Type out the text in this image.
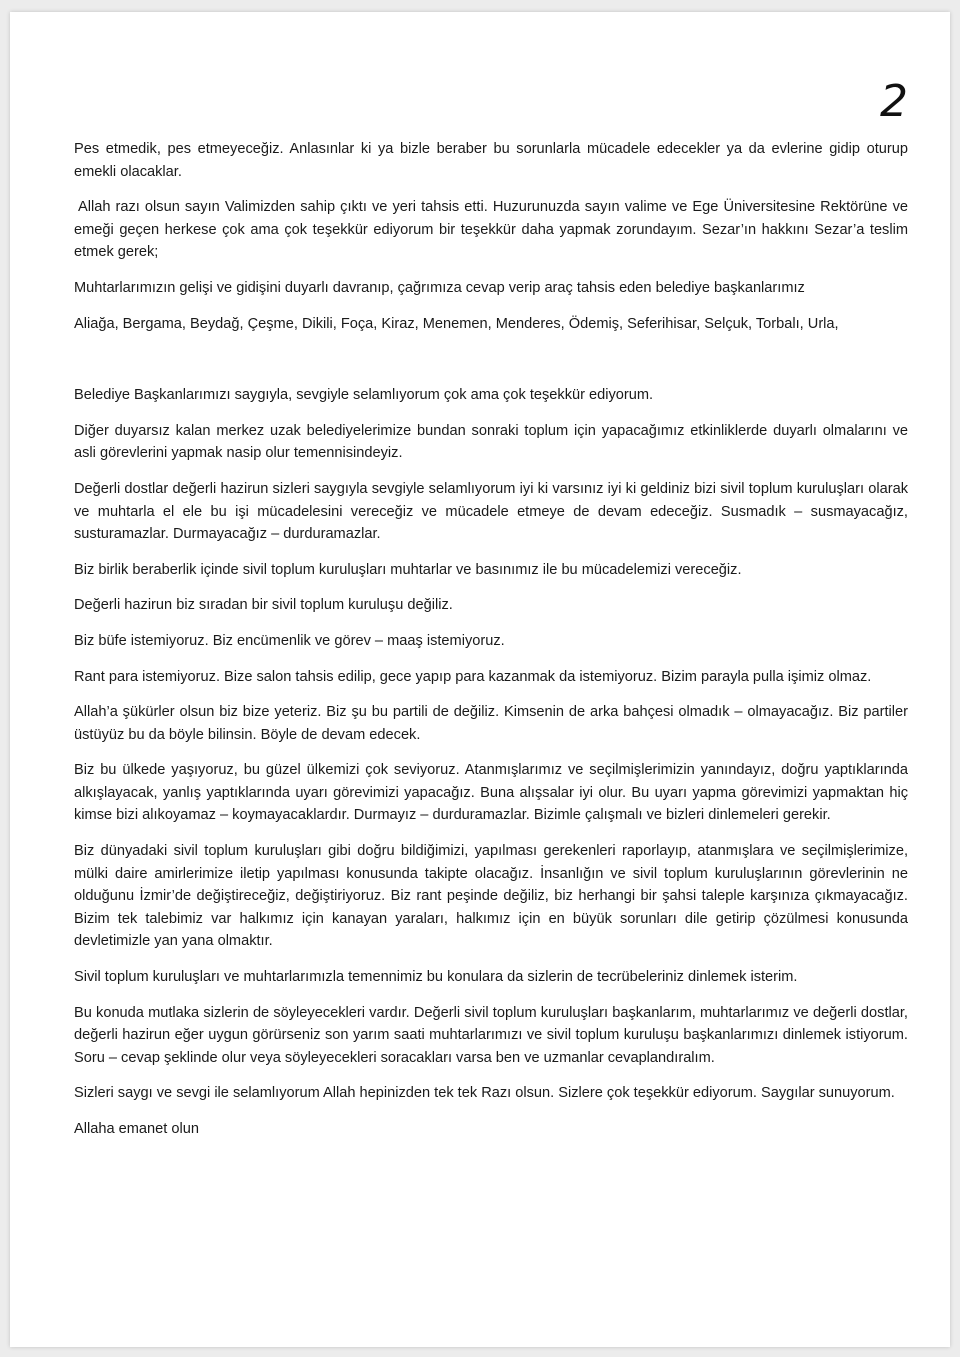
2

Pes etmedik, pes etmeyeceğiz. Anlasınlar ki ya bizle beraber bu sorunlarla mücadele edecekler ya da evlerine gidip oturup emekli olacaklar.

Allah razı olsun sayın Valimizden sahip çıktı ve yeri tahsis etti. Huzurunuzda sayın valime ve Ege Üniversitesine Rektörüne ve emeği geçen herkese çok ama çok teşekkür ediyorum bir teşekkür daha yapmak zorundayım. Sezar’ın hakkını Sezar’a teslim etmek gerek;

Muhtarlarımızın gelişi ve gidişini duyarlı davranıp, çağrımıza cevap verip araç tahsis eden belediye başkanlarımız

Aliağa, Bergama, Beydağ, Çeşme, Dikili, Foça, Kiraz, Menemen, Menderes, Ödemiş, Seferihisar, Selçuk, Torbalı, Urla,

Belediye Başkanlarımızı saygıyla, sevgiyle selamlıyorum çok ama çok teşekkür ediyorum.

Diğer duyarsız kalan merkez uzak belediyelerimize bundan sonraki toplum için yapacağımız etkinliklerde duyarlı olmalarını ve asli görevlerini yapmak nasip olur temennisindeyiz.

Değerli dostlar değerli hazirun sizleri saygıyla sevgiyle selamlıyorum iyi ki varsınız iyi ki geldiniz bizi sivil toplum kuruluşları olarak ve muhtarla el ele bu işi mücadelesini vereceğiz ve mücadele etmeye de devam edeceğiz. Susmadık – susmayacağız, susturamazlar. Durmayacağız – durduramazlar.

Biz birlik beraberlik içinde sivil toplum kuruluşları muhtarlar ve basınımız ile bu mücadelemizi vereceğiz.

Değerli hazirun biz sıradan bir sivil toplum kuruluşu değiliz.

Biz büfe istemiyoruz. Biz encümenlik ve görev – maaş istemiyoruz.

Rant para istemiyoruz. Bize salon tahsis edilip, gece yapıp para kazanmak da istemiyoruz. Bizim parayla pulla işimiz olmaz.

Allah’a şükürler olsun biz bize yeteriz. Biz şu bu partili de değiliz. Kimsenin de arka bahçesi olmadık – olmayacağız. Biz partiler üstüyüz bu da böyle bilinsin. Böyle de devam edecek.

Biz bu ülkede yaşıyoruz, bu güzel ülkemizi çok seviyoruz. Atanmışlarımız ve seçilmişlerimizin yanındayız, doğru yaptıklarında alkışlayacak, yanlış yaptıklarında uyarı görevimizi yapacağız. Buna alışsalar iyi olur. Bu uyarı yapma görevimizi yapmaktan hiç kimse bizi alıkoyamaz – koymayacaklardır. Durmayız – durduramazlar. Bizimle çalışmalı ve bizleri dinlemeleri gerekir.

Biz dünyadaki sivil toplum kuruluşları gibi doğru bildiğimizi, yapılması gerekenleri raporlayıp, atanmışlara ve seçilmişlerimize, mülki daire amirlerimize iletip yapılması konusunda takipte olacağız. İnsanlığın ve sivil toplum kuruluşlarının görevlerinin ne olduğunu İzmir’de değiştireceğiz, değiştiriyoruz. Biz rant peşinde değiliz, biz herhangi bir şahsi taleple karşınıza çıkmayacağız. Bizim tek talebimiz var halkımız için kanayan yaraları, halkımız için en büyük sorunları dile getirip çözülmesi konusunda devletimizle yan yana olmaktır.

Sivil toplum kuruluşları ve muhtarlarımızla temennimiz bu konulara da sizlerin de tecrübeleriniz dinlemek isterim.

Bu konuda mutlaka sizlerin de söyleyecekleri vardır. Değerli sivil toplum kuruluşları başkanlarım, muhtarlarımız ve değerli dostlar, değerli hazirun eğer uygun görürseniz son yarım saati muhtarlarımızı ve sivil toplum kuruluşu başkanlarımızı dinlemek istiyorum. Soru – cevap şeklinde olur veya söyleyecekleri soracakları varsa ben ve uzmanlar cevaplandıralım.

Sizleri saygı ve sevgi ile selamlıyorum Allah hepinizden tek tek Razı olsun. Sizlere çok teşekkür ediyorum. Saygılar sunuyorum.

Allaha emanet olun
